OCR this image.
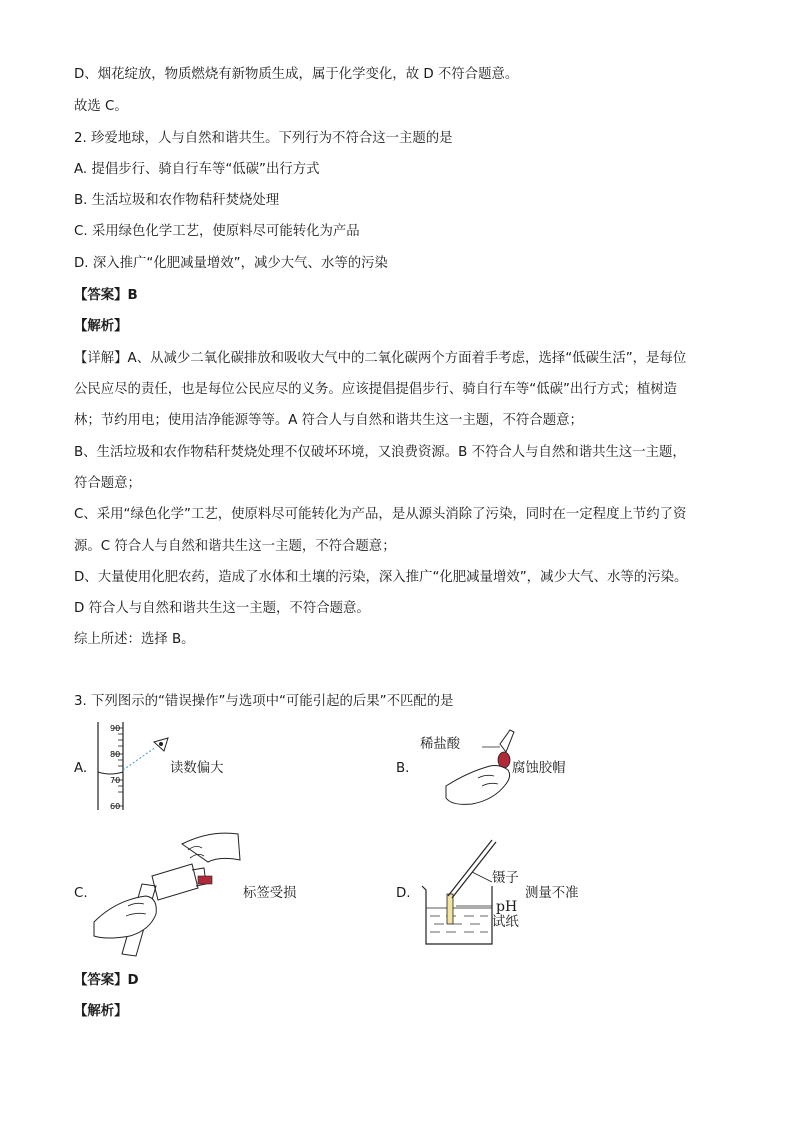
D、烟花绽放，物质燃烧有新物质生成，属于化学变化，故 D 不符合题意。
故选 C。
2. 珍爱地球，人与自然和谐共生。下列行为不符合这一主题的是
A. 提倡步行、骑自行车等“低碳”出行方式
B. 生活垃圾和农作物秸秆焚烧处理
C. 采用绿色化学工艺，使原料尽可能转化为产品
D. 深入推广“化肥减量增效”，减少大气、水等的污染
【答案】B
【解析】
【详解】A、从减少二氧化碳排放和吸收大气中的二氧化碳两个方面着手考虑，选择“低碳生活”，是每位
公民应尽的责任，也是每位公民应尽的义务。应该提倡提倡步行、骑自行车等“低碳”出行方式；植树造
林；节约用电；使用洁净能源等等。A 符合人与自然和谐共生这一主题，不符合题意；
B、生活垃圾和农作物秸秆焚烧处理不仅破坏环境，又浪费资源。B 不符合人与自然和谐共生这一主题，
符合题意；
C、采用“绿色化学”工艺，使原料尽可能转化为产品，是从源头消除了污染，同时在一定程度上节约了资
源。C 符合人与自然和谐共生这一主题，不符合题意；
D、大量使用化肥农药，造成了水体和土壤的污染，深入推广“化肥减量增效”，减少大气、水等的污染。
D 符合人与自然和谐共生这一主题，不符合题意。
综上所述：选择 B。
3. 下列图示的“错误操作”与选项中“可能引起的后果”不匹配的是
【答案】D
【解析】
A.
90
80
70
60
读数偏大	B.
稀盐酸
腐蚀胶帽
C.	标签受损	D.
镊子
测量不准
pH
试纸
